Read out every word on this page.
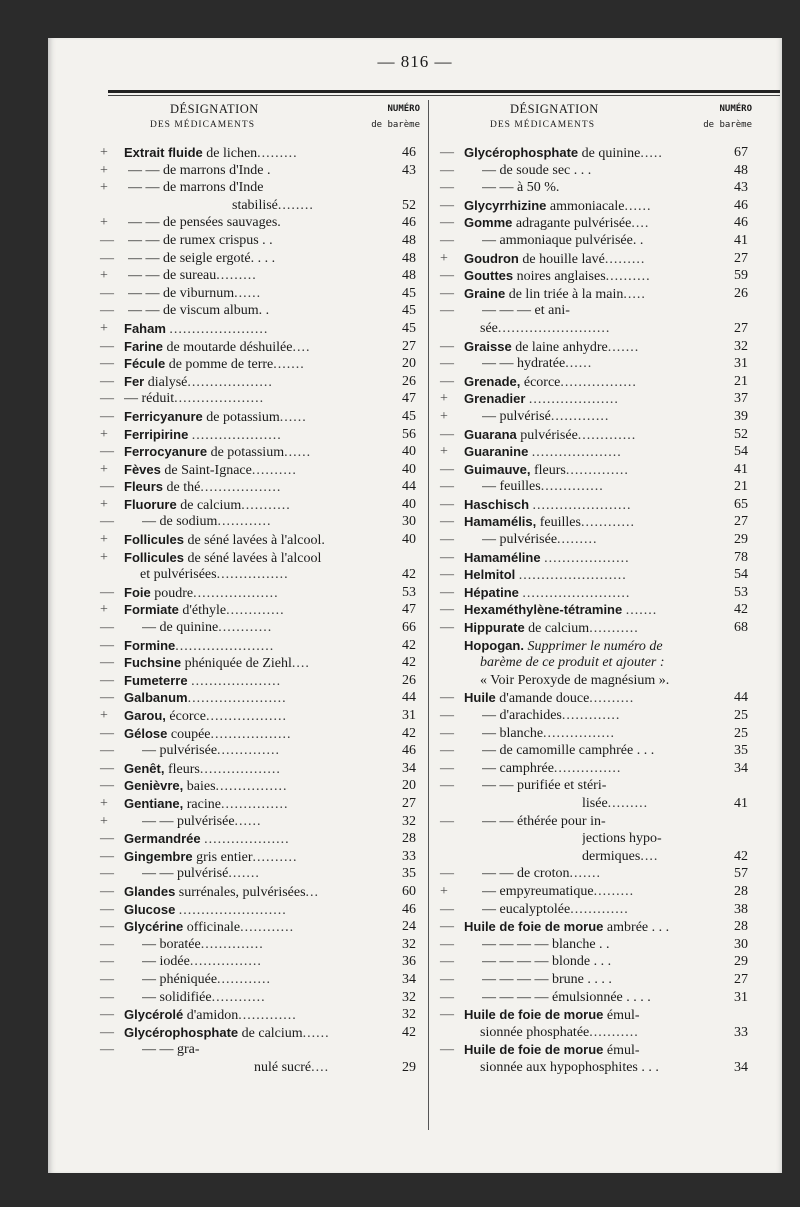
— 816 —
DÉSIGNATION
DES MÉDICAMENTS
NUMÉRO
de barème
+	Extrait fluide de lichen.........	46
+	— — de marrons d'Inde .	43
+	— — de marrons d'Inde
stabilisé........	52
+	— — de pensées sauvages.	46
—	— — de rumex crispus . .	48
—	— — de seigle ergoté. . . .	48
+	— — de sureau.........	48
—	— — de viburnum......	45
—	— — de viscum album. .	45
+	Faham ......................	45
— Farine de moutarde déshuilée....	27
— Fécule de pomme de terre.......	20
— Fer dialysé...................	26
— — réduit....................	47
— Ferricyanure de potassium......	45
+	Ferripirine ....................	56
— Ferrocyanure de potassium......	40
+	Fèves de Saint-Ignace..........	40
— Fleurs de thé..................	44
+	Fluorure de calcium...........	40
—	— de sodium............	30
+	Follicules de séné lavées à l'alcool.	40
+	Follicules de séné lavées à l'alcool
et pulvérisées................	42
— Foie poudre...................	53
+	Formiate d'éthyle.............	47
—	— de quinine............	66
— Formine......................	42
— Fuchsine phéniquée de Ziehl....	42
— Fumeterre ....................	26
— Galbanum......................	44
+	Garou, écorce..................	31
— Gélose coupée..................	42
—	— pulvérisée..............	46
— Genêt, fleurs..................	34
— Genièvre, baies................	20
+	Gentiane, racine...............	27
+	— — pulvérisée......	32
— Germandrée ...................	28
— Gingembre gris entier..........	33
—	— — pulvérisé.......	35
— Glandes surrénales, pulvérisées...	60
— Glucose ........................	46
— Glycérine officinale............	24
—	— boratée..............	32
—	— iodée................	36
—	— phéniquée............	34
—	— solidifiée............	32
— Glycérolé d'amidon.............	32
— Glycérophosphate de calcium......	42
—	— — gra-
nulé sucré....	29
DÉSIGNATION
DES MÉDICAMENTS
NUMÉRO
de barème
— Glycérophosphate de quinine.....	67
—	— de soude sec . . .	48
—	— — à 50 %.	43
— Glycyrrhizine ammoniacale......	46
— Gomme adragante pulvérisée....	46
—	— ammoniaque pulvérisée. .	41
+	Goudron de houille lavé.........	27
— Gouttes noires anglaises..........	59
— Graine de lin triée à la main.....	26
—	— — — et ani-
sée.........................	27
— Graisse de laine anhydre.......	32
—	— — hydratée......	31
— Grenade, écorce.................	21
+	Grenadier ....................	37
+	— pulvérisé.............	39
— Guarana pulvérisée.............	52
+	Guaranine ....................	54
— Guimauve, fleurs..............	41
—	— feuilles..............	21
— Haschisch ......................	65
— Hamamélis, feuilles............	27
—	— pulvérisée.........	29
— Hamaméline ...................	78
— Helmitol ........................	54
— Hépatine ........................	53
— Hexaméthylène-tétramine .......	42
— Hippurate de calcium...........	68
Hopogan. Supprimer le numéro de
barème de ce produit et ajouter :
« Voir Peroxyde de magnésium ».
— Huile d'amande douce..........	44
—	— d'arachides.............	25
—	— blanche................	25
—	— de camomille camphrée . . .	35
—	— camphrée...............	34
—	— — purifiée et stéri-
lisée.........	41
—	— — éthérée pour in-
jections hypo-
dermiques....	42
—	— — de croton.......	57
+	— empyreumatique.........	28
—	— eucalyptolée.............	38
— Huile de foie de morue ambrée . . .	28
—	— — — — blanche . .	30
—	— — — — blonde . . .	29
—	— — — — brune . . . .	27
—	— — — — émulsionnée . . . .	31
— Huile de foie de morue émul-
sionnée phosphatée...........	33
— Huile de foie de morue émul-
sionnée aux hypophosphites . . .	34
